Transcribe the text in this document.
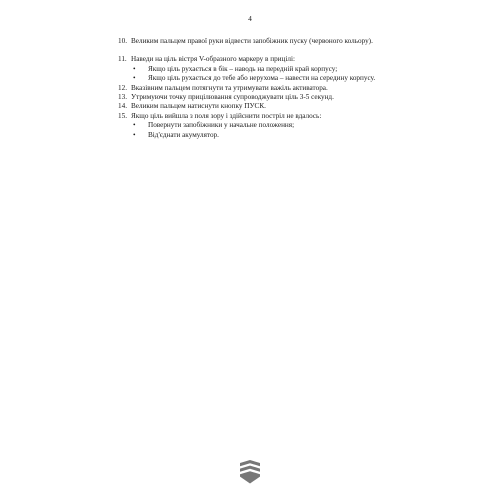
4
10. Великим пальцем правої руки відвести запобіжник пуску (червоного кольору).
11. Наведи на ціль вістря V-образного маркеру в прицілі:
• Якщо ціль рухається в бік – наводь на передній край корпусу;
• Якщо ціль рухається до тебе або нерухома – навести на середину корпусу.
12. Вказівним пальцем потягнути та утримувати важіль активатора.
13. Утримуючи точку прицілювання супроводжувати ціль 3-5 секунд.
14. Великим пальцем натиснути кнопку ПУСК.
15. Якщо ціль вийшла з поля зору і здійснити постріл не вдалось:
• Повернути запобіжники у начальне положення;
• Від'єднати акумулятор.
